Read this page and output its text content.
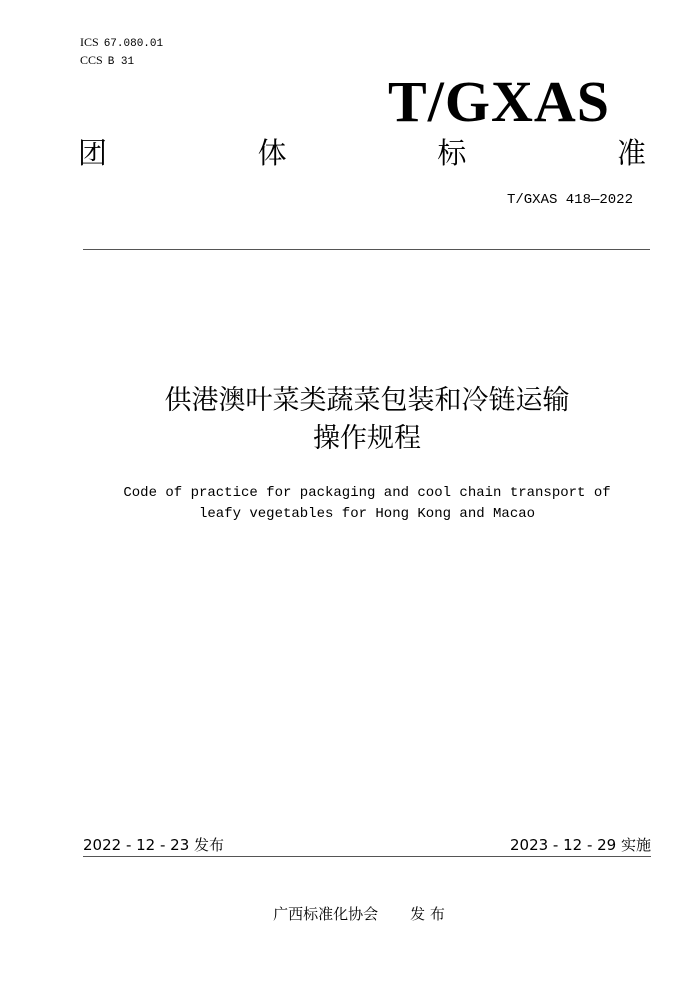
ICS 67.080.01
CCS B 31
T/GXAS
团	体	标	准
T/GXAS 418—2022
供港澳叶菜类蔬菜包装和冷链运输
操作规程
Code of practice for packaging and cool chain transport of
leafy vegetables for Hong Kong and Macao
2022 - 12 - 23 发布	2023 - 12 - 29 实施
广西标准化协会 发 布
